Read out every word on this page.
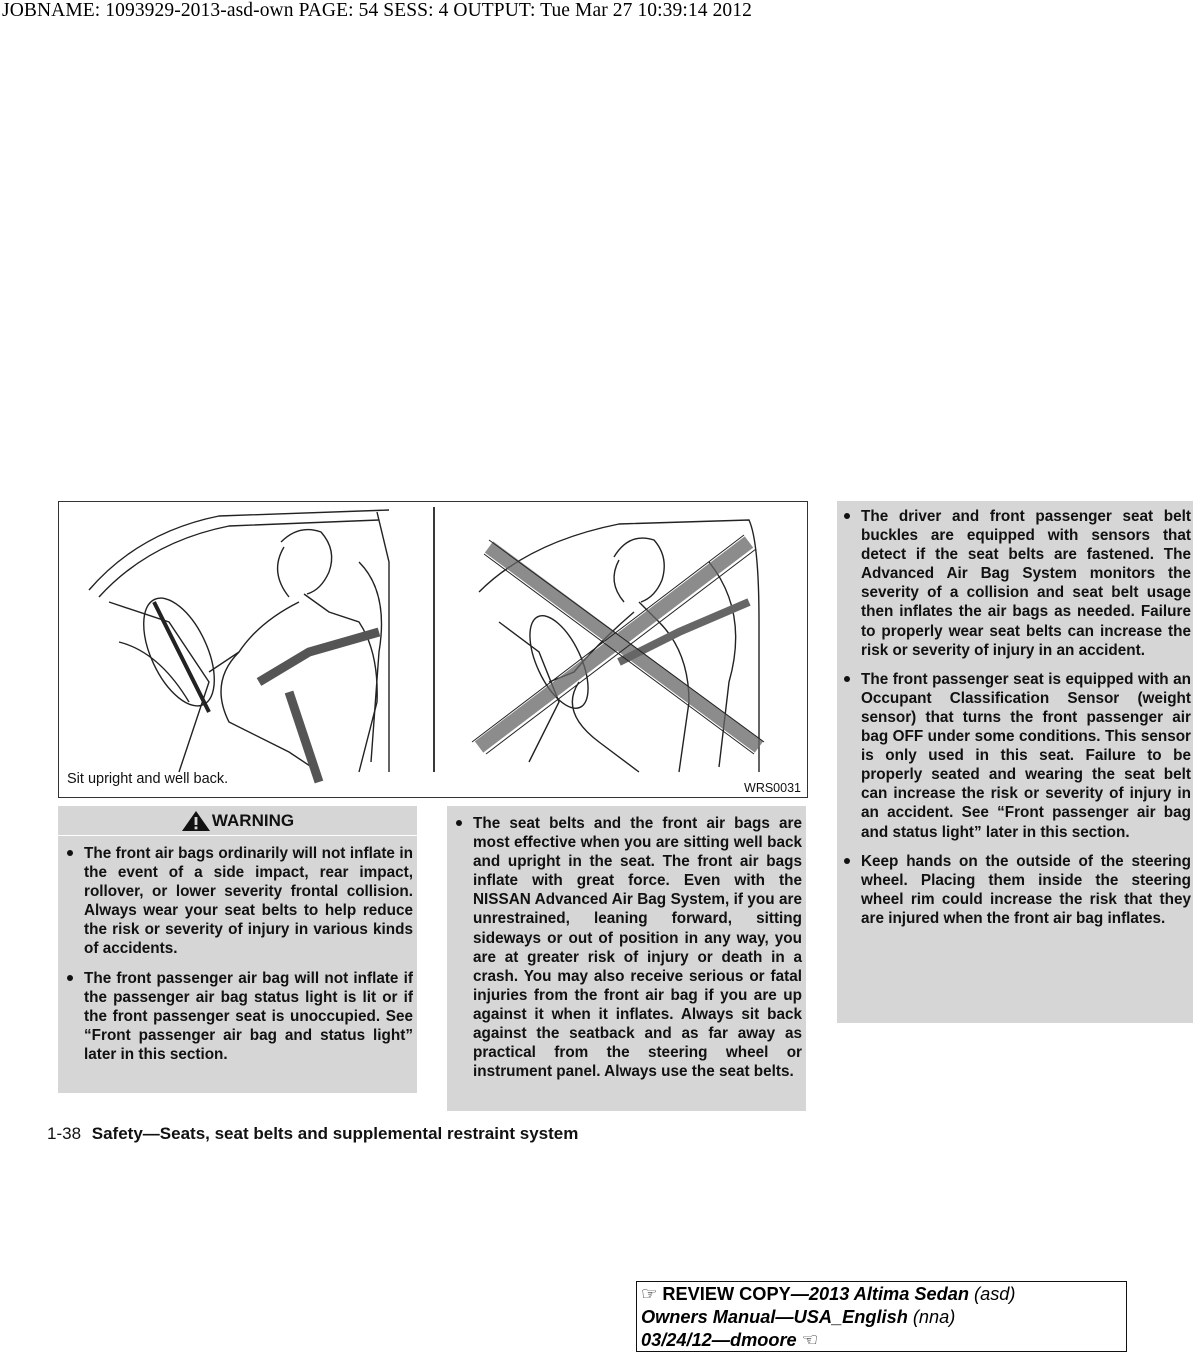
JOBNAME: 1093929-2013-asd-own PAGE: 54 SESS: 4 OUTPUT: Tue Mar 27 10:39:14 2012
Sit upright and well back.
WRS0031
WARNING

The front air bags ordinarily will not inflate in the event of a side impact, rear impact, rollover, or lower severity frontal collision. Always wear your seat belts to help reduce the risk or severity of injury in various kinds of accidents.

The front passenger air bag will not inflate if the passenger air bag status light is lit or if the front passenger seat is unoccupied. See “Front passenger air bag and status light” later in this section.

The seat belts and the front air bags are most effective when you are sitting well back and upright in the seat. The front air bags inflate with great force. Even with the NISSAN Advanced Air Bag System, if you are unrestrained, leaning forward, sitting sideways or out of position in any way, you are at greater risk of injury or death in a crash. You may also receive serious or fatal injuries from the front air bag if you are up against it when it inflates. Always sit back against the seatback and as far away as practical from the steering wheel or instrument panel. Always use the seat belts.

The driver and front passenger seat belt buckles are equipped with sensors that detect if the seat belts are fastened. The Advanced Air Bag System monitors the severity of a collision and seat belt usage then inflates the air bags as needed. Failure to properly wear seat belts can increase the risk or severity of injury in an accident.

The front passenger seat is equipped with an Occupant Classification Sensor (weight sensor) that turns the front passenger air bag OFF under some conditions. This sensor is only used in this seat. Failure to be properly seated and wearing the seat belt can increase the risk or severity of injury in an accident. See “Front passenger air bag and status light” later in this section.

Keep hands on the outside of the steering wheel. Placing them inside the steering wheel rim could increase the risk that they are injured when the front air bag inflates.

1-38 Safety—Seats, seat belts and supplemental restraint system
☞ REVIEW COPY—2013 Altima Sedan (asd)
Owners Manual—USA_English (nna)
03/24/12—dmoore ☜
